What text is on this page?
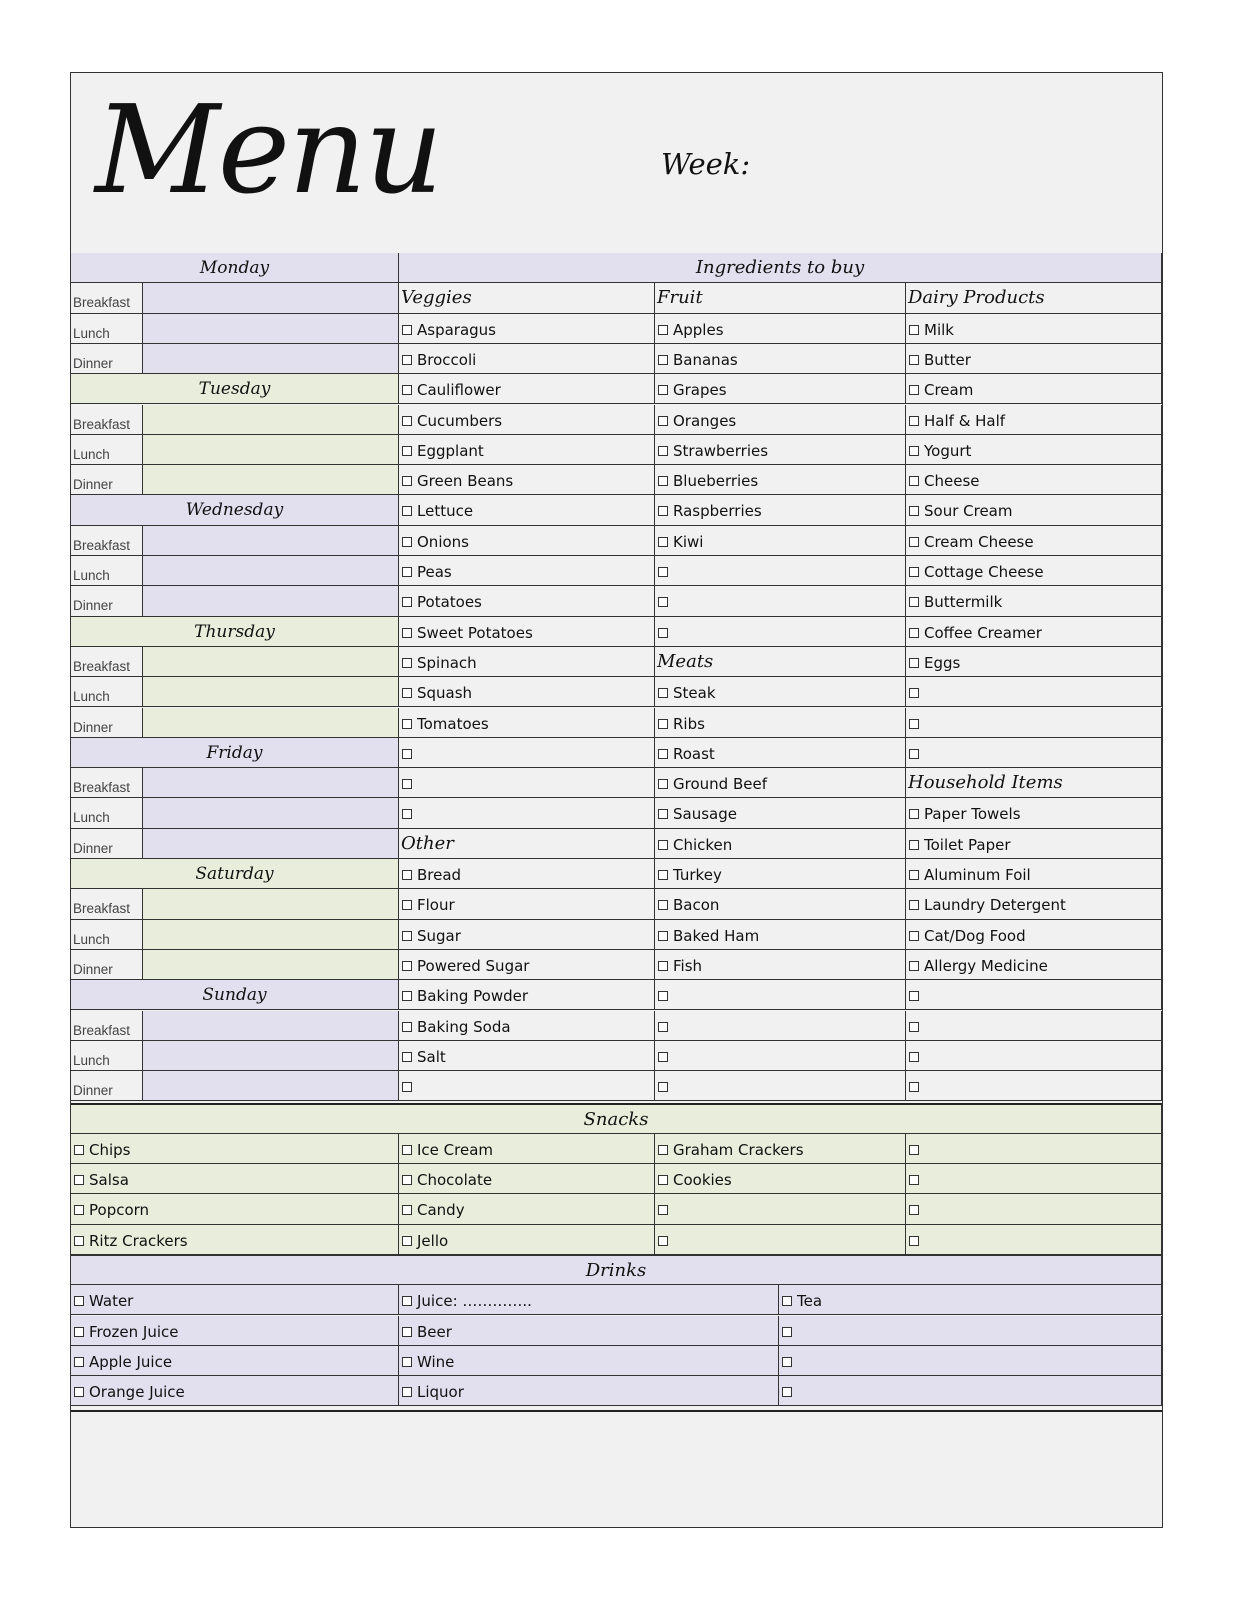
Menu	Week:
Monday
Breakfast
Lunch
Dinner
Tuesday
Breakfast
Lunch
Dinner
Wednesday
Breakfast
Lunch
Dinner
Thursday
Breakfast
Lunch
Dinner
Friday
Breakfast
Lunch
Dinner
Saturday
Breakfast
Lunch
Dinner
Sunday
Breakfast
Lunch
Dinner
Ingredients to buy
Veggies
Asparagus
Broccoli
Cauliflower
Cucumbers
Eggplant
Green Beans
Lettuce
Onions
Peas
Potatoes
Sweet Potatoes
Spinach
Squash
Tomatoes
Other
Bread
Flour
Sugar
Powered Sugar
Baking Powder
Baking Soda
Salt
Fruit
Apples
Bananas
Grapes
Oranges
Strawberries
Blueberries
Raspberries
Kiwi
Meats
Steak
Ribs
Roast
Ground Beef
Sausage
Chicken
Turkey
Bacon
Baked Ham
Fish
Dairy Products
Milk
Butter
Cream
Half & Half
Yogurt
Cheese
Sour Cream
Cream Cheese
Cottage Cheese
Buttermilk
Coffee Creamer
Eggs
Household Items
Paper Towels
Toilet Paper
Aluminum Foil
Laundry Detergent
Cat/Dog Food
Allergy Medicine
Snacks
Chips
Salsa
Popcorn
Ritz Crackers
Ice Cream
Chocolate
Candy
Jello
Graham Crackers
Cookies
Drinks
Water
Frozen Juice
Apple Juice
Orange Juice
Juice: …………..
Beer
Wine
Liquor
Tea
